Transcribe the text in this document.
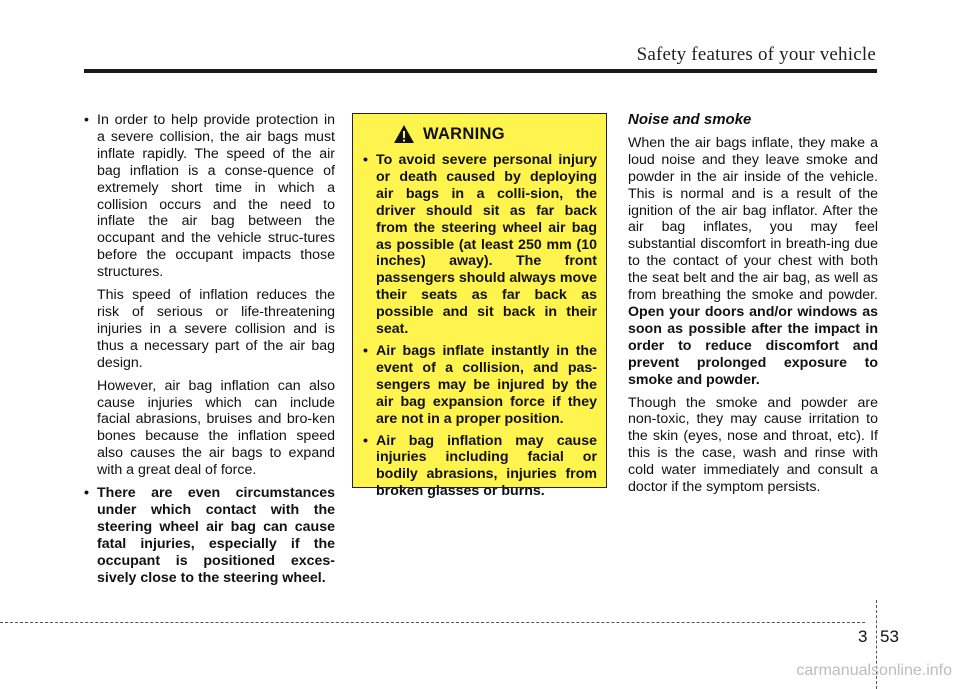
Safety features of your vehicle
• In order to help provide protection in a severe collision, the air bags must inflate rapidly. The speed of the air bag inflation is a conse-quence of extremely short time in which a collision occurs and the need to inflate the air bag between the occupant and the vehicle struc-tures before the occupant impacts those structures.
This speed of inflation reduces the risk of serious or life-threatening injuries in a severe collision and is thus a necessary part of the air bag design.
However, air bag inflation can also cause injuries which can include facial abrasions, bruises and bro-ken bones because the inflation speed also causes the air bags to expand with a great deal of force.
• There are even circumstances under which contact with the steering wheel air bag can cause fatal injuries, especially if the occupant is positioned exces-sively close to the steering wheel.
WARNING
• To avoid severe personal injury or death caused by deploying air bags in a colli-sion, the driver should sit as far back from the steering wheel air bag as possible (at least 250 mm (10 inches) away). The front passengers should always move their seats as far back as possible and sit back in their seat.
• Air bags inflate instantly in the event of a collision, and pas-sengers may be injured by the air bag expansion force if they are not in a proper position.
• Air bag inflation may cause injuries including facial or bodily abrasions, injuries from broken glasses or burns.
Noise and smoke
When the air bags inflate, they make a loud noise and they leave smoke and powder in the air inside of the vehicle. This is normal and is a result of the ignition of the air bag inflator. After the air bag inflates, you may feel substantial discomfort in breath-ing due to the contact of your chest with both the seat belt and the air bag, as well as from breathing the smoke and powder. Open your doors and/or windows as soon as possible after the impact in order to reduce discomfort and prevent prolonged exposure to smoke and powder.
Though the smoke and powder are non-toxic, they may cause irritation to the skin (eyes, nose and throat, etc). If this is the case, wash and rinse with cold water immediately and consult a doctor if the symptom persists.
3 53
carmanualsonline.info
